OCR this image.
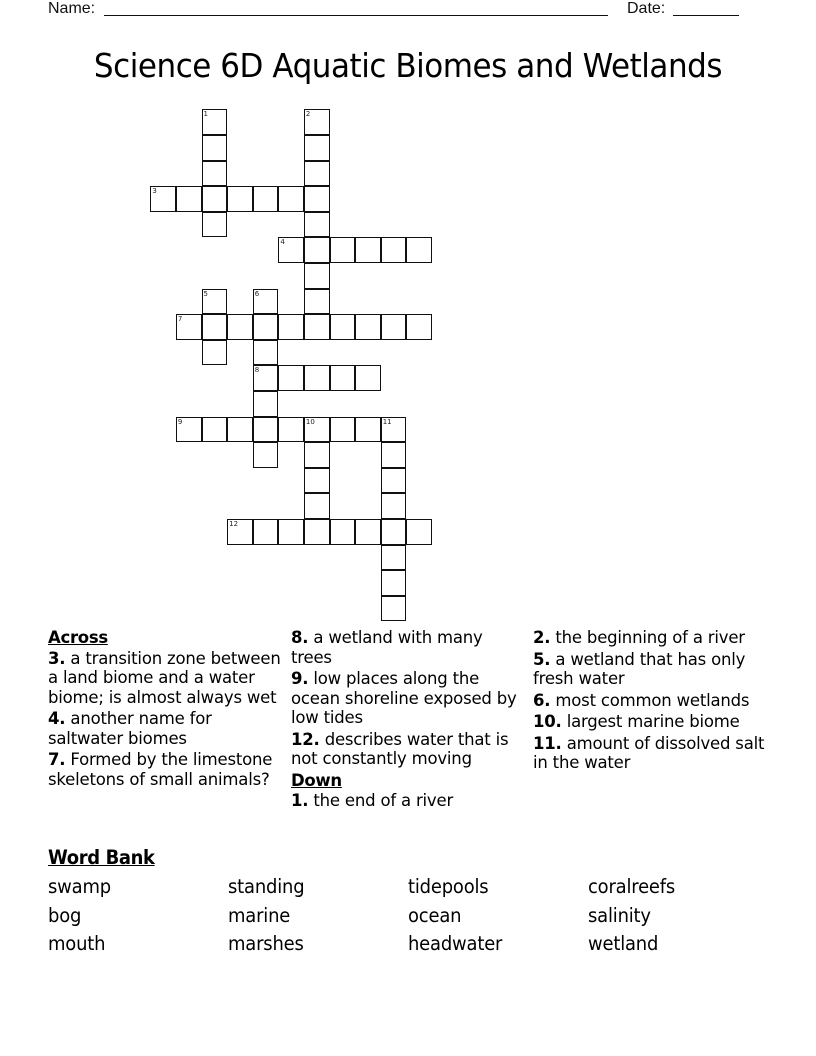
Name:	Date:
Science 6D Aquatic Biomes and Wetlands
1	2
3
4
5	6
8
7
9	10	11
12
Across
3. a transition zone between a land biome and a water biome; is almost always wet
4. another name for saltwater biomes
7. Formed by the limestone skeletons of small animals?
8. a wetland with many trees
9. low places along the ocean shoreline exposed by low tides
12. describes water that is not constantly moving
Down
1. the end of a river
2. the beginning of a river
5. a wetland that has only fresh water
6. most common wetlands
10. largest marine biome
11. amount of dissolved salt in the water
Word Bank
swamp	standing	tidepools	coralreefs
bog	marine	ocean	salinity
mouth	marshes	headwater	wetland
